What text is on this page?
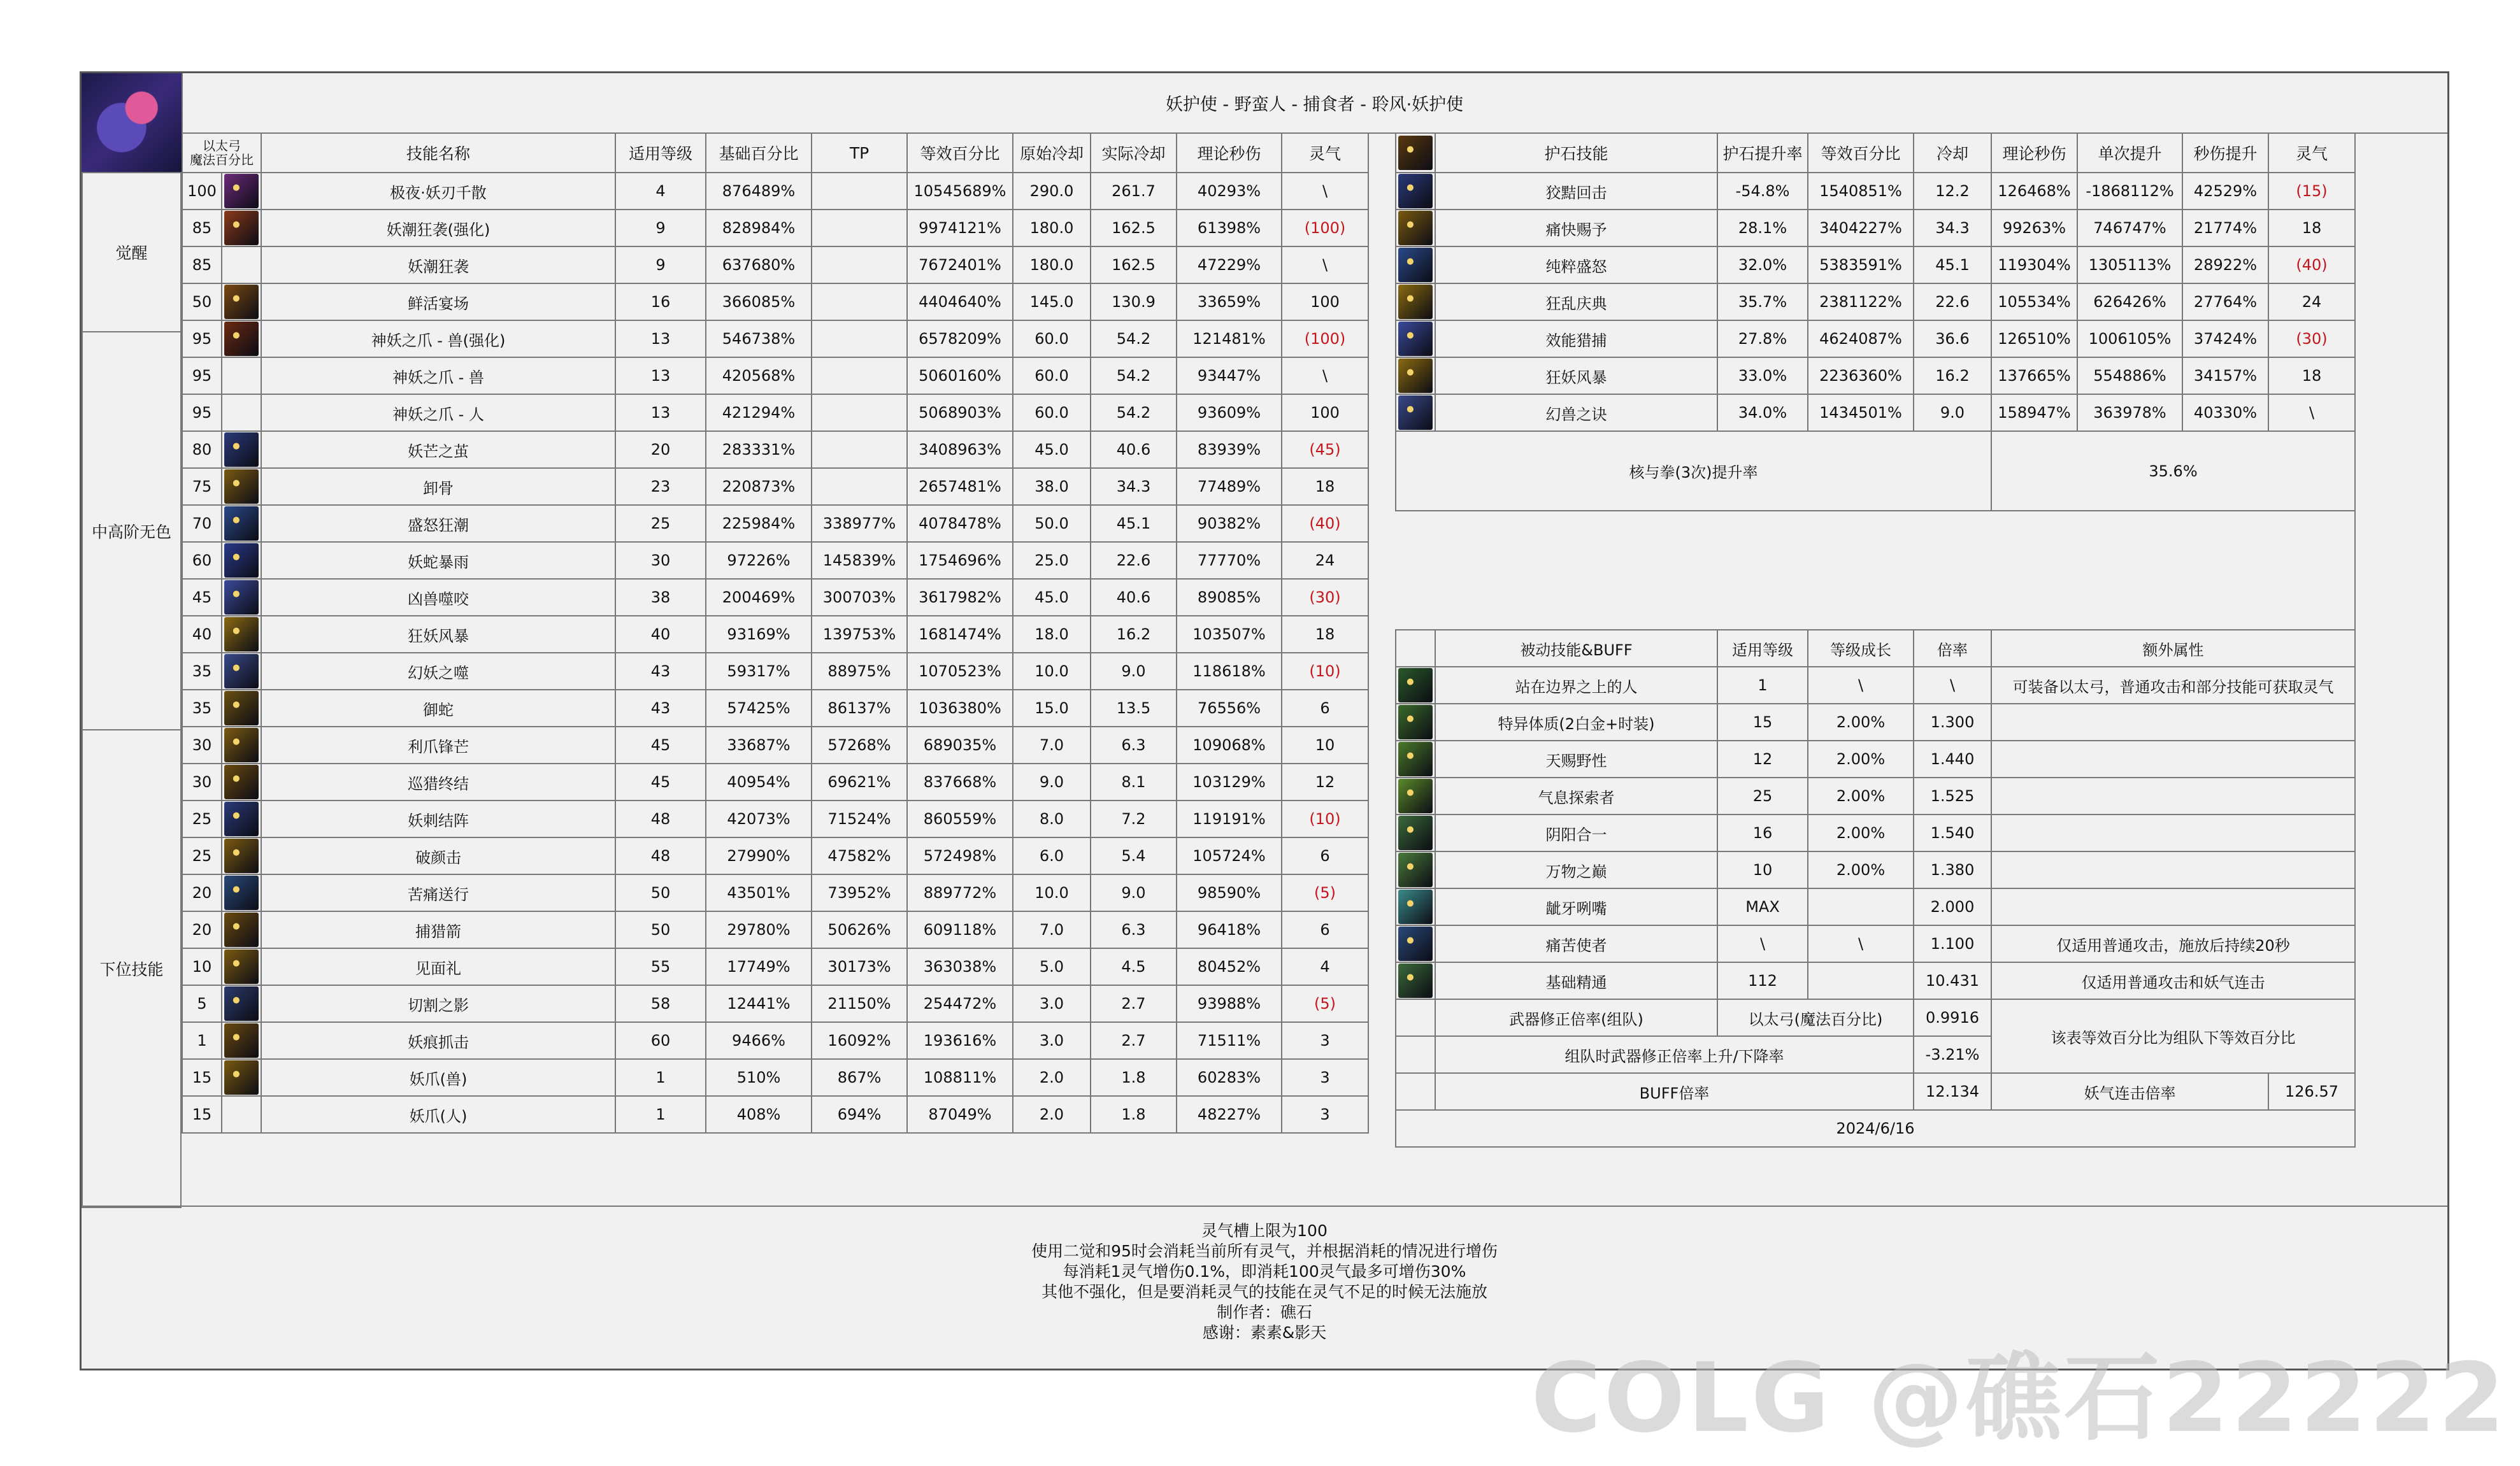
妖护使 - 野蛮人 - 捕食者 - 聆风·妖护使
觉醒
中高阶无色
下位技能
以太弓
魔法百分比		技能名称	适用等级	基础百分比	TP	等效百分比	原始冷却	实际冷却	理论秒伤	灵气
100		极夜·妖刃千散	4	876489%		10545689%	290.0	261.7	40293%	\
85		妖潮狂袭(强化)	9	828984%		9974121%	180.0	162.5	61398%	(100)
85		妖潮狂袭	9	637680%		7672401%	180.0	162.5	47229%	\
50		鲜活宴场	16	366085%		4404640%	145.0	130.9	33659%	100
95		神妖之爪 - 兽(强化)	13	546738%		6578209%	60.0	54.2	121481%	(100)
95		神妖之爪 - 兽	13	420568%		5060160%	60.0	54.2	93447%	\
95		神妖之爪 - 人	13	421294%		5068903%	60.0	54.2	93609%	100
80		妖芒之茧	20	283331%		3408963%	45.0	40.6	83939%	(45)
75		卸骨	23	220873%		2657481%	38.0	34.3	77489%	18
70		盛怒狂潮	25	225984%	338977%	4078478%	50.0	45.1	90382%	(40)
60		妖蛇暴雨	30	97226%	145839%	1754696%	25.0	22.6	77770%	24
45		凶兽噬咬	38	200469%	300703%	3617982%	45.0	40.6	89085%	(30)
40		狂妖风暴	40	93169%	139753%	1681474%	18.0	16.2	103507%	18
35		幻妖之噬	43	59317%	88975%	1070523%	10.0	9.0	118618%	(10)
35		御蛇	43	57425%	86137%	1036380%	15.0	13.5	76556%	6
30		利爪锋芒	45	33687%	57268%	689035%	7.0	6.3	109068%	10
30		巡猎终结	45	40954%	69621%	837668%	9.0	8.1	103129%	12
25		妖刺结阵	48	42073%	71524%	860559%	8.0	7.2	119191%	(10)
25		破颜击	48	27990%	47582%	572498%	6.0	5.4	105724%	6
20		苦痛送行	50	43501%	73952%	889772%	10.0	9.0	98590%	(5)
20		捕猎箭	50	29780%	50626%	609118%	7.0	6.3	96418%	6
10		见面礼	55	17749%	30173%	363038%	5.0	4.5	80452%	4
5		切割之影	58	12441%	21150%	254472%	3.0	2.7	93988%	(5)
1		妖痕抓击	60	9466%	16092%	193616%	3.0	2.7	71511%	3
15		妖爪(兽)	1	510%	867%	108811%	2.0	1.8	60283%	3
15		妖爪(人)	1	408%	694%	87049%	2.0	1.8	48227%	3
	护石技能	护石提升率	等效百分比	冷却	理论秒伤	单次提升	秒伤提升	灵气
	狡黠回击	-54.8%	1540851%	12.2	126468%	-1868112%	42529%	(15)
	痛快赐予	28.1%	3404227%	34.3	99263%	746747%	21774%	18
	纯粹盛怒	32.0%	5383591%	45.1	119304%	1305113%	28922%	(40)
	狂乱庆典	35.7%	2381122%	22.6	105534%	626426%	27764%	24
	效能猎捕	27.8%	4624087%	36.6	126510%	1006105%	37424%	(30)
	狂妖风暴	33.0%	2236360%	16.2	137665%	554886%	34157%	18
	幻兽之诀	34.0%	1434501%	9.0	158947%	363978%	40330%	\
核与拳(3次)提升率					35.6%			

	被动技能&BUFF	适用等级	等级成长	倍率	额外属性			
	站在边界之上的人	1	\	\	可装备以太弓，普通攻击和部分技能可获取灵气			
	特异体质(2白金+时装)	15	2.00%	1.300				
	天赐野性	12	2.00%	1.440				
	气息探索者	25	2.00%	1.525				
	阴阳合一	16	2.00%	1.540				
	万物之巅	10	2.00%	1.380				
	龇牙咧嘴	MAX		2.000				
	痛苦使者	\	\	1.100	仅适用普通攻击，施放后持续20秒			
	基础精通	112		10.431	仅适用普通攻击和妖气连击			
	武器修正倍率(组队)	以太弓(魔法百分比)		0.9916	该表等效百分比为组队下等效百分比			
	组队时武器修正倍率上升/下降率			-3.21%				
	BUFF倍率			12.134	妖气连击倍率			126.57
2024/6/16								
灵气槽上限为100
使用二觉和95时会消耗当前所有灵气，并根据消耗的情况进行增伤
每消耗1灵气增伤0.1%，即消耗100灵气最多可增伤30%
其他不强化，但是要消耗灵气的技能在灵气不足的时候无法施放
制作者：礁石
感谢：素素&影天
COLG @礁石22222
